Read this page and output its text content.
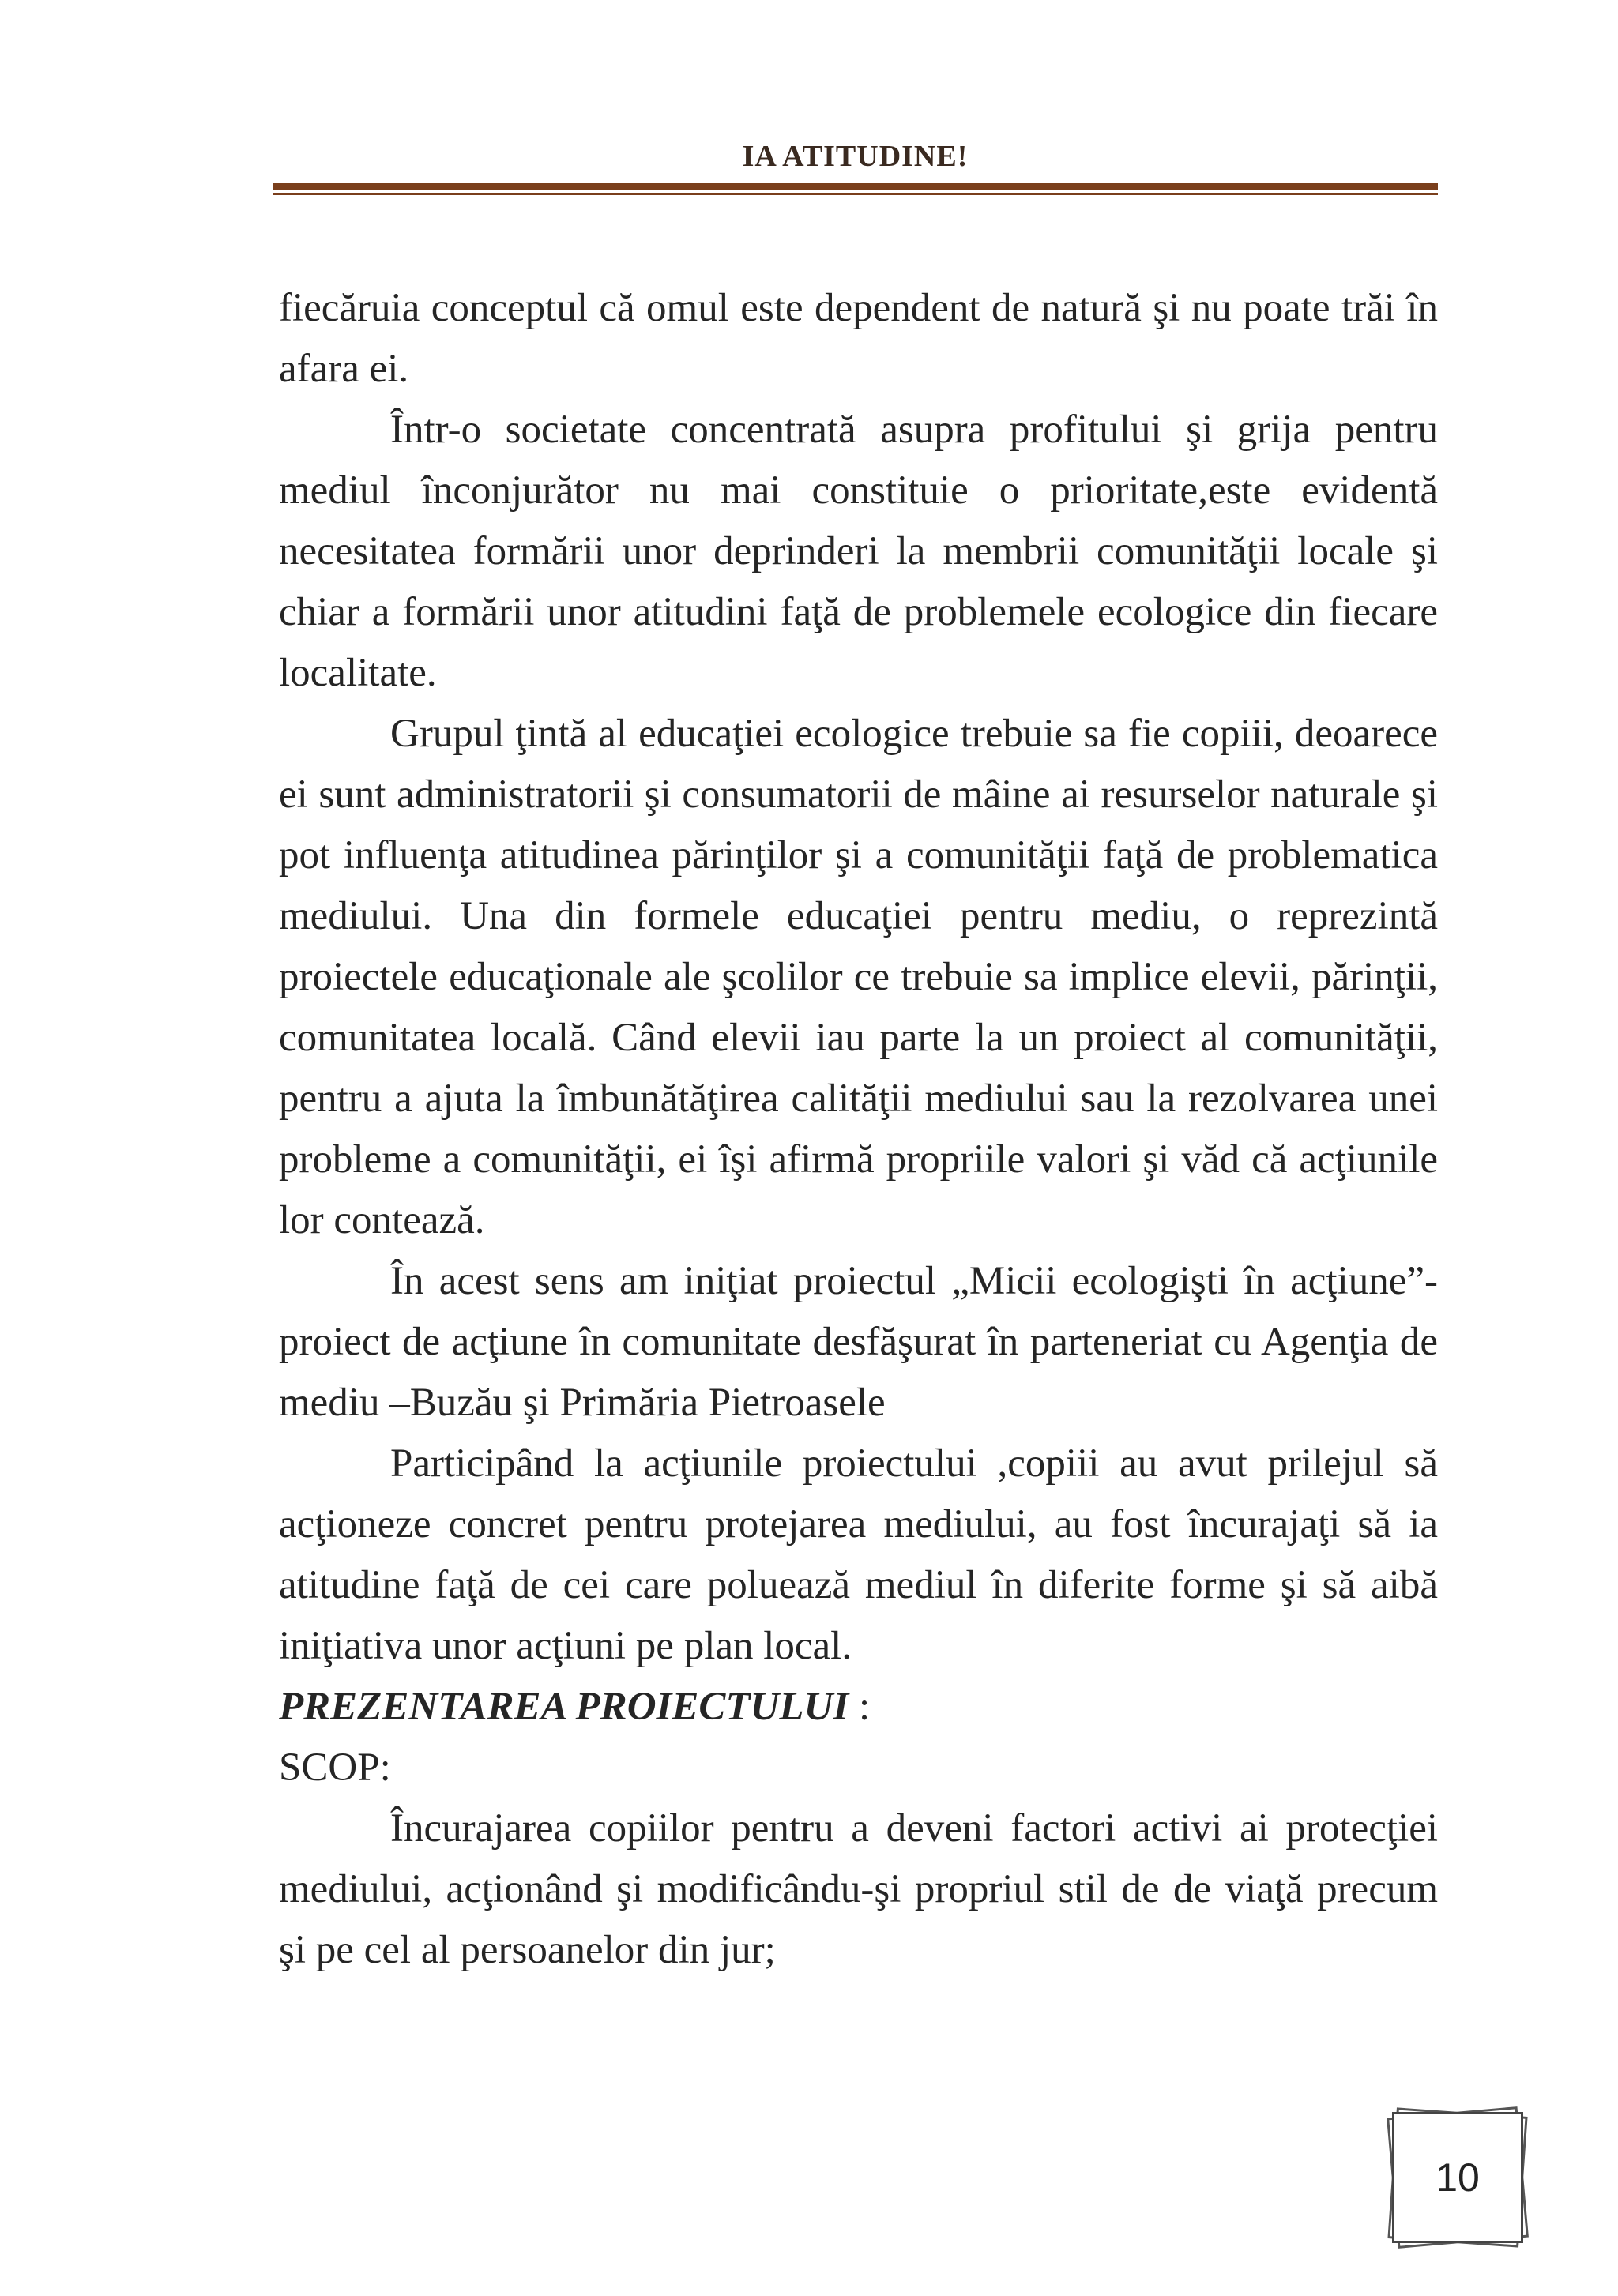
IA ATITUDINE!

fiecăruia conceptul că omul este dependent de natură şi nu poate trăi în afara ei.

Într-o societate concentrată asupra profitului şi grija pentru mediul înconjurător nu mai constituie o prioritate,este evidentă necesitatea formării unor deprinderi la membrii comunităţii locale şi chiar a formării unor atitudini faţă de problemele ecologice din fiecare localitate.

Grupul ţintă al educaţiei ecologice trebuie sa fie copiii, deoarece ei sunt administratorii şi consumatorii de mâine ai resurselor naturale şi pot influenţa atitudinea părinţilor şi a comunităţii faţă de problematica mediului. Una din formele educaţiei pentru mediu, o reprezintă proiectele educaţionale ale şcolilor ce trebuie sa implice elevii, părinţii, comunitatea locală. Când elevii iau parte la un proiect al comunităţii, pentru a ajuta la îmbunătăţirea calităţii mediului sau la rezolvarea unei probleme a comunităţii, ei îşi afirmă propriile valori şi văd că acţiunile lor contează.

În acest sens am iniţiat proiectul „Micii ecologişti în acţiune”-proiect de acţiune în comunitate desfăşurat în parteneriat cu Agenţia de mediu –Buzău şi Primăria Pietroasele

Participând la acţiunile proiectului ,copiii au avut prilejul să acţioneze concret pentru protejarea mediului, au fost încurajaţi să ia atitudine faţă de cei care poluează mediul în diferite forme şi să aibă iniţiativa unor acţiuni pe plan local.

PREZENTAREA PROIECTULUI :

SCOP:

Încurajarea copiilor pentru a deveni factori activi ai protecţiei mediului, acţionând şi modificându-şi propriul stil de de viaţă precum şi pe cel al persoanelor din jur;

10
